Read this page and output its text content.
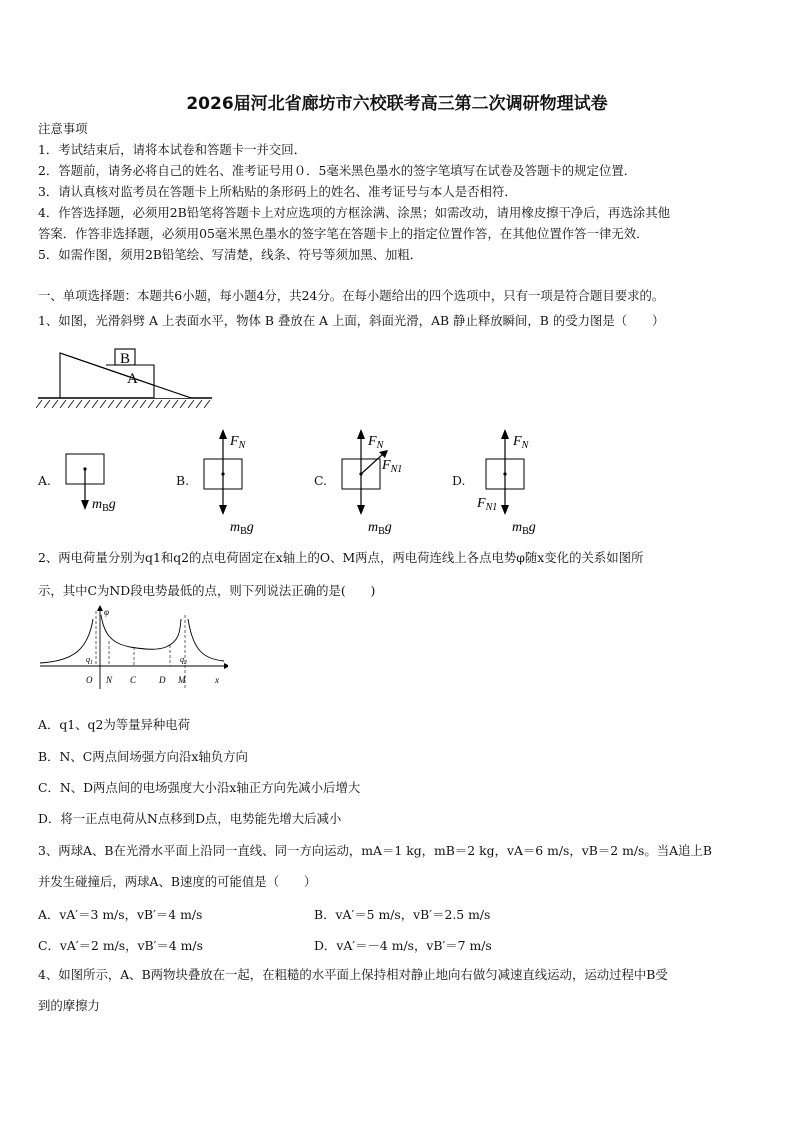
2026届河北省廊坊市六校联考高三第二次调研物理试卷
注意事项
1．考试结束后，请将本试卷和答题卡一并交回．
2．答题前，请务必将自己的姓名、准考证号用０．5毫米黑色墨水的签字笔填写在试卷及答题卡的规定位置．
3．请认真核对监考员在答题卡上所粘贴的条形码上的姓名、准考证号与本人是否相符．
4．作答选择题，必须用2B铅笔将答题卡上对应选项的方框涂满、涂黑；如需改动，请用橡皮擦干净后，再选涂其他
答案．作答非选择题，必须用05毫米黑色墨水的签字笔在答题卡上的指定位置作答，在其他位置作答一律无效．
5．如需作图，须用2B铅笔绘、写清楚，线条、符号等须加黑、加粗．
一、单项选择题：本题共6小题，每小题4分，共24分。在每小题给出的四个选项中，只有一项是符合题目要求的。
1、如图，光滑斜劈 A 上表面水平，物体 B 叠放在 A 上面，斜面光滑，AB 静止释放瞬间，B 的受力图是（　　）
B
A
A.
$m_Bg$
B.
$F_N$
$m_Bg$
C.
$F_N$
$F_{N1}$
$m_Bg$
D.
$F_N$
$F_{N1}$
$m_Bg$
2、两电荷量分别为q1和q2的点电荷固定在x轴上的O、M两点，两电荷连线上各点电势φ随x变化的关系如图所
示，其中C为ND段电势最低的点，则下列说法正确的是(　　)
φ
x
$q_1$	$q_2$
O N C	D M
A．q1、q2为等量异种电荷
B．N、C两点间场强方向沿x轴负方向
C．N、D两点间的电场强度大小沿x轴正方向先减小后增大
D．将一正点电荷从N点移到D点，电势能先增大后减小
3、两球A、B在光滑水平面上沿同一直线、同一方向运动，mA＝1 kg，mB＝2 kg，vA＝6 m/s，vB＝2 m/s。当A追上B
并发生碰撞后，两球A、B速度的可能值是（　　）
A．vA′＝3 m/s，vB′＝4 m/s	B．vA′＝5 m/s，vB′＝2.5 m/s
C．vA′＝2 m/s，vB′＝4 m/s	D．vA′＝－4 m/s，vB′＝7 m/s
4、如图所示，A、B两物块叠放在一起，在粗糙的水平面上保持相对静止地向右做匀减速直线运动，运动过程中B受
到的摩擦力
